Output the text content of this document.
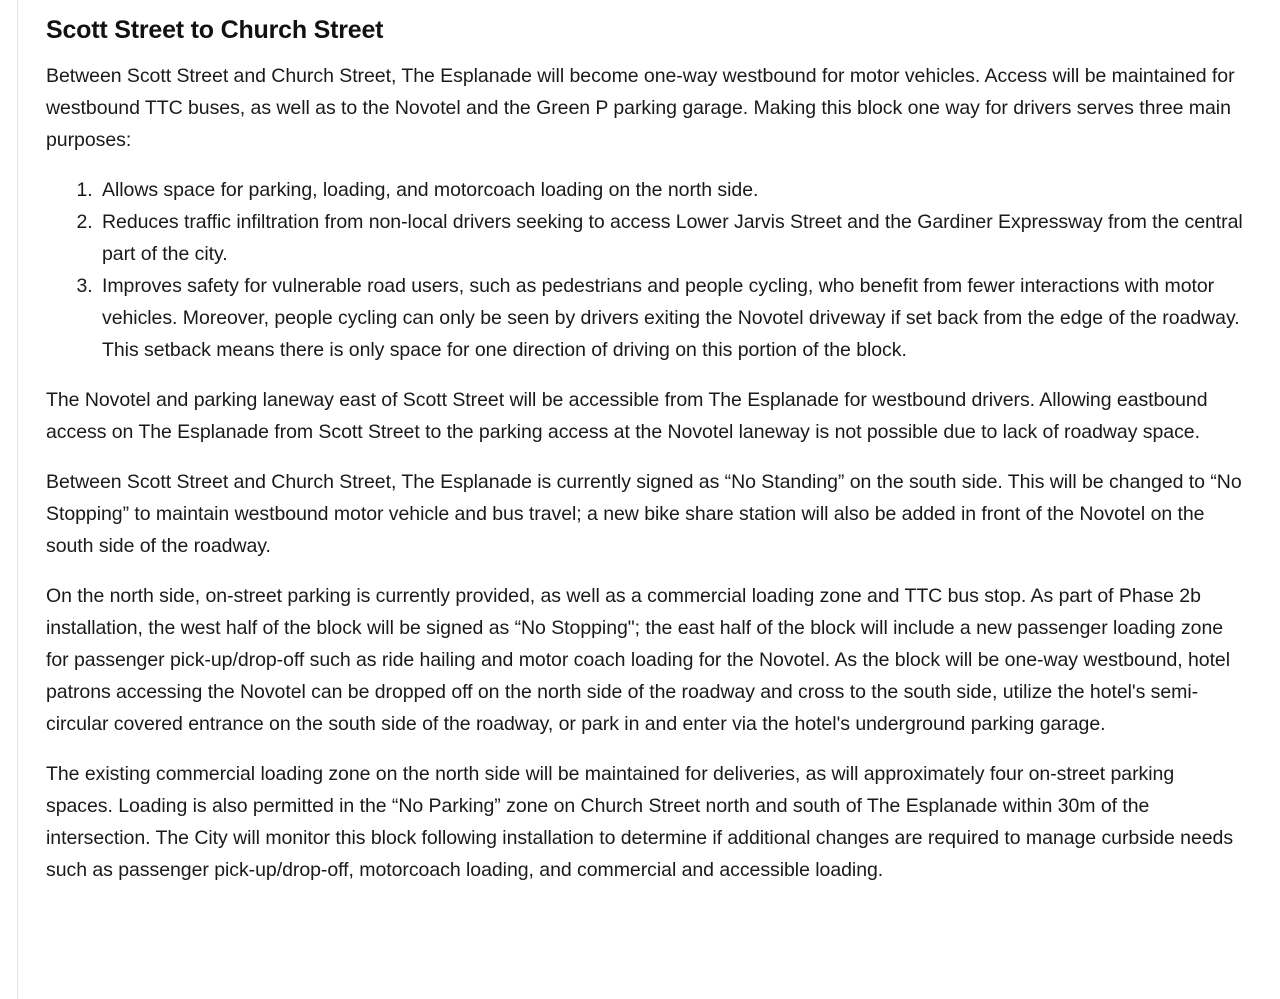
Scott Street to Church Street

Between Scott Street and Church Street, The Esplanade will become one-way westbound for motor vehicles. Access will be maintained for westbound TTC buses, as well as to the Novotel and the Green P parking garage. Making this block one way for drivers serves three main purposes:

1. Allows space for parking, loading, and motorcoach loading on the north side.
2. Reduces traffic infiltration from non-local drivers seeking to access Lower Jarvis Street and the Gardiner Expressway from the central part of the city.
3. Improves safety for vulnerable road users, such as pedestrians and people cycling, who benefit from fewer interactions with motor vehicles. Moreover, people cycling can only be seen by drivers exiting the Novotel driveway if set back from the edge of the roadway. This setback means there is only space for one direction of driving on this portion of the block.

The Novotel and parking laneway east of Scott Street will be accessible from The Esplanade for westbound drivers. Allowing eastbound access on The Esplanade from Scott Street to the parking access at the Novotel laneway is not possible due to lack of roadway space.

Between Scott Street and Church Street, The Esplanade is currently signed as “No Standing” on the south side. This will be changed to “No Stopping” to maintain westbound motor vehicle and bus travel; a new bike share station will also be added in front of the Novotel on the south side of the roadway.

On the north side, on-street parking is currently provided, as well as a commercial loading zone and TTC bus stop. As part of Phase 2b installation, the west half of the block will be signed as “No Stopping"; the east half of the block will include a new passenger loading zone for passenger pick-up/drop-off such as ride hailing and motor coach loading for the Novotel. As the block will be one-way westbound, hotel patrons accessing the Novotel can be dropped off on the north side of the roadway and cross to the south side, utilize the hotel's semi-circular covered entrance on the south side of the roadway, or park in and enter via the hotel's underground parking garage.

The existing commercial loading zone on the north side will be maintained for deliveries, as will approximately four on-street parking spaces. Loading is also permitted in the “No Parking” zone on Church Street north and south of The Esplanade within 30m of the intersection. The City will monitor this block following installation to determine if additional changes are required to manage curbside needs such as passenger pick-up/drop-off, motorcoach loading, and commercial and accessible loading.
